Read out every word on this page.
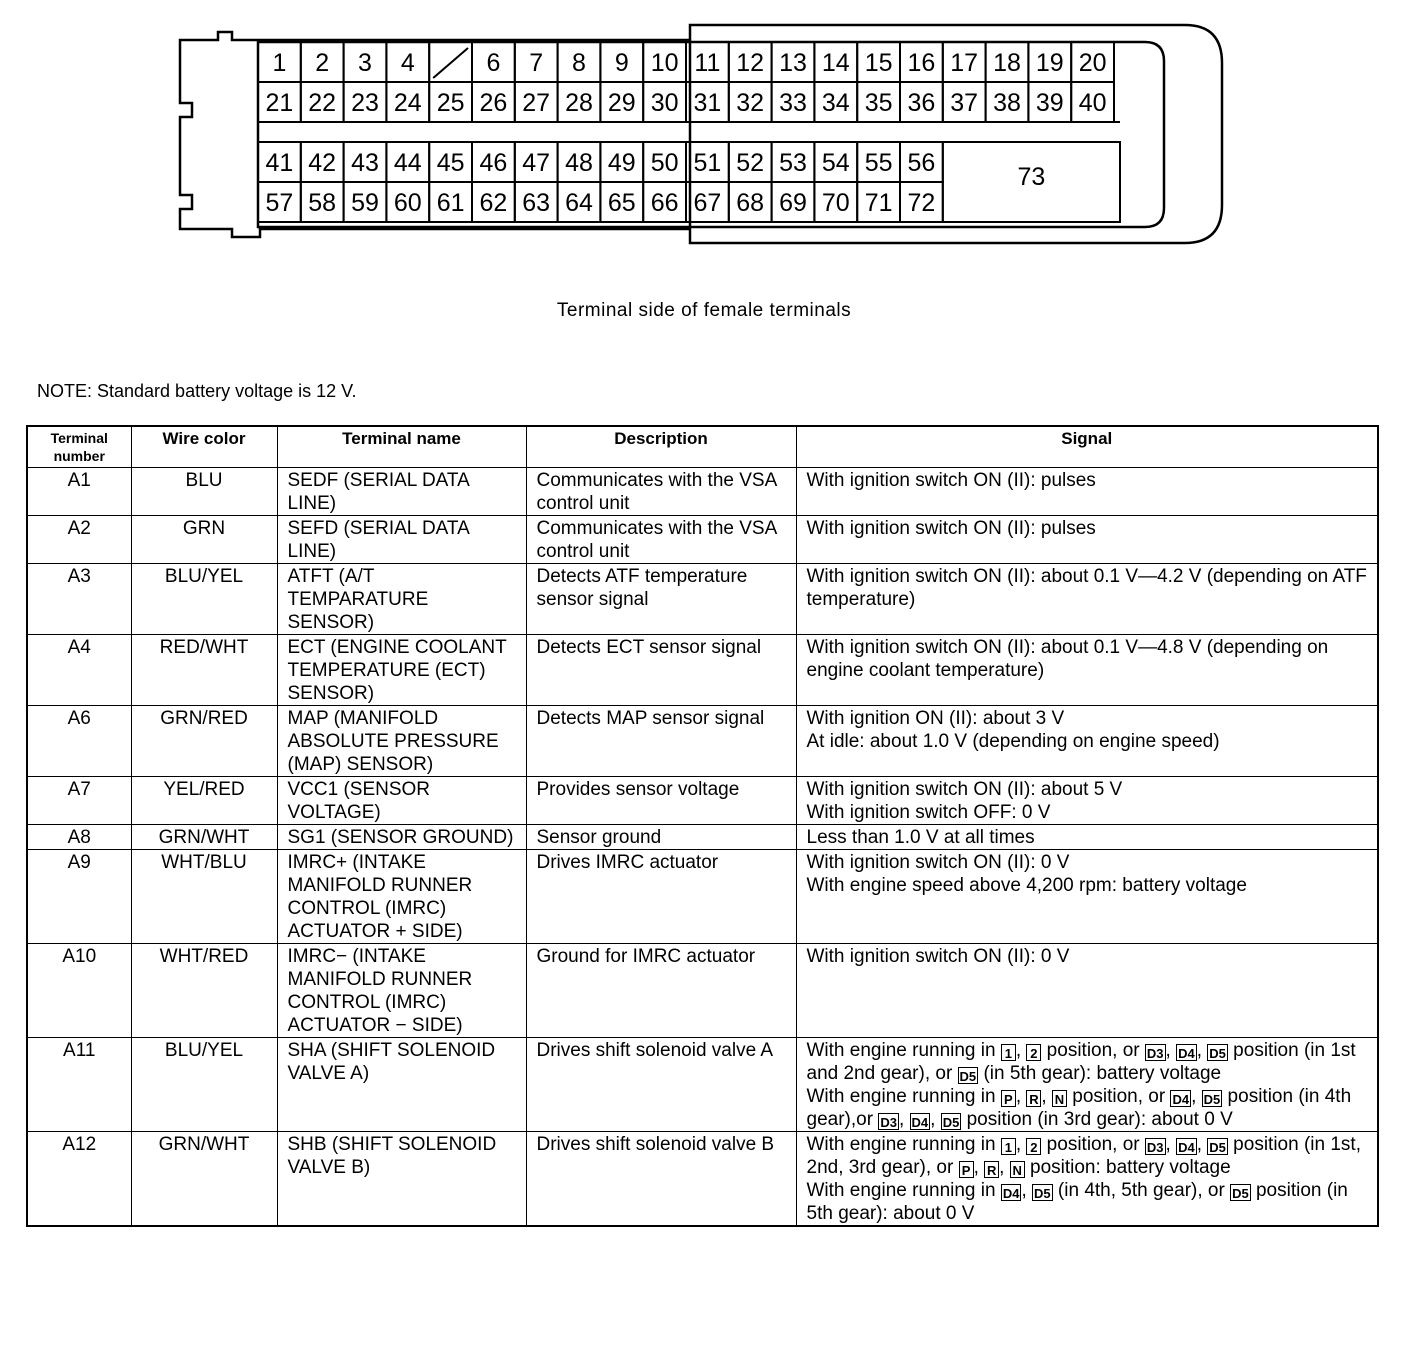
1 2 3 4	6 7 8 9 10 11 12 13 14 15 16 17 18 19 20
21 22 23 24 25 26 27 28 29 30 31 32 33 34 35 36 37 38 39 40
41 42 43 44 45 46 47 48 49 50 51 52 53 54 55 56
57 58 59 60 61 62 63 64 65 66 67 68 69 70 71 72
73
Terminal side of female terminals
NOTE: Standard battery voltage is 12 V.
Terminal number	Wire color	Terminal name	Description	Signal
A1	BLU	SEDF (SERIAL DATA LINE)	Communicates with the VSA control unit	With ignition switch ON (II): pulses

A2	GRN	SEFD (SERIAL DATA LINE)	Communicates with the VSA control unit	With ignition switch ON (II): pulses

A3	BLU/YEL	ATFT (A/T TEMPARATURE SENSOR)	Detects ATF temperature sensor signal	With ignition switch ON (II): about 0.1 V—4.2 V (depending on ATF temperature)

A4	RED/WHT	ECT (ENGINE COOLANT TEMPERATURE (ECT) SENSOR)	Detects ECT sensor signal	With ignition switch ON (II): about 0.1 V—4.8 V (depending on engine coolant temperature)

A6	GRN/RED	MAP (MANIFOLD ABSOLUTE PRESSURE (MAP) SENSOR)	Detects MAP sensor signal	With ignition ON (II): about 3 V
At idle: about 1.0 V (depending on engine speed)

A7	YEL/RED	VCC1 (SENSOR VOLTAGE)	Provides sensor voltage	With ignition switch ON (II): about 5 V
With ignition switch OFF: 0 V

A8	GRN/WHT	SG1 (SENSOR GROUND)	Sensor ground	Less than 1.0 V at all times

A9	WHT/BLU	IMRC+ (INTAKE MANIFOLD RUNNER CONTROL (IMRC) ACTUATOR + SIDE)	Drives IMRC actuator	With ignition switch ON (II): 0 V
With engine speed above 4,200 rpm: battery voltage

A10	WHT/RED	IMRC− (INTAKE MANIFOLD RUNNER CONTROL (IMRC) ACTUATOR − SIDE)	Ground for IMRC actuator	With ignition switch ON (II): 0 V

A11	BLU/YEL	SHA (SHIFT SOLENOID VALVE A)	Drives shift solenoid valve A	With engine running in 1 , 2 position, or D3 , D4 , D5 position (in 1st and 2nd gear), or D5 (in 5th gear): battery voltage
With engine running in P , R , N position, or D4 , D5 position (in 4th gear),or D3 , D4 , D5 position (in 3rd gear): about 0 V

A12	GRN/WHT	SHB (SHIFT SOLENOID VALVE B)	Drives shift solenoid valve B	With engine running in 1 , 2 position, or D3 , D4 , D5 position (in 1st, 2nd, 3rd gear), or P , R , N position: battery voltage
With engine running in D4 , D5 (in 4th, 5th gear), or D5 position (in 5th gear): about 0 V
